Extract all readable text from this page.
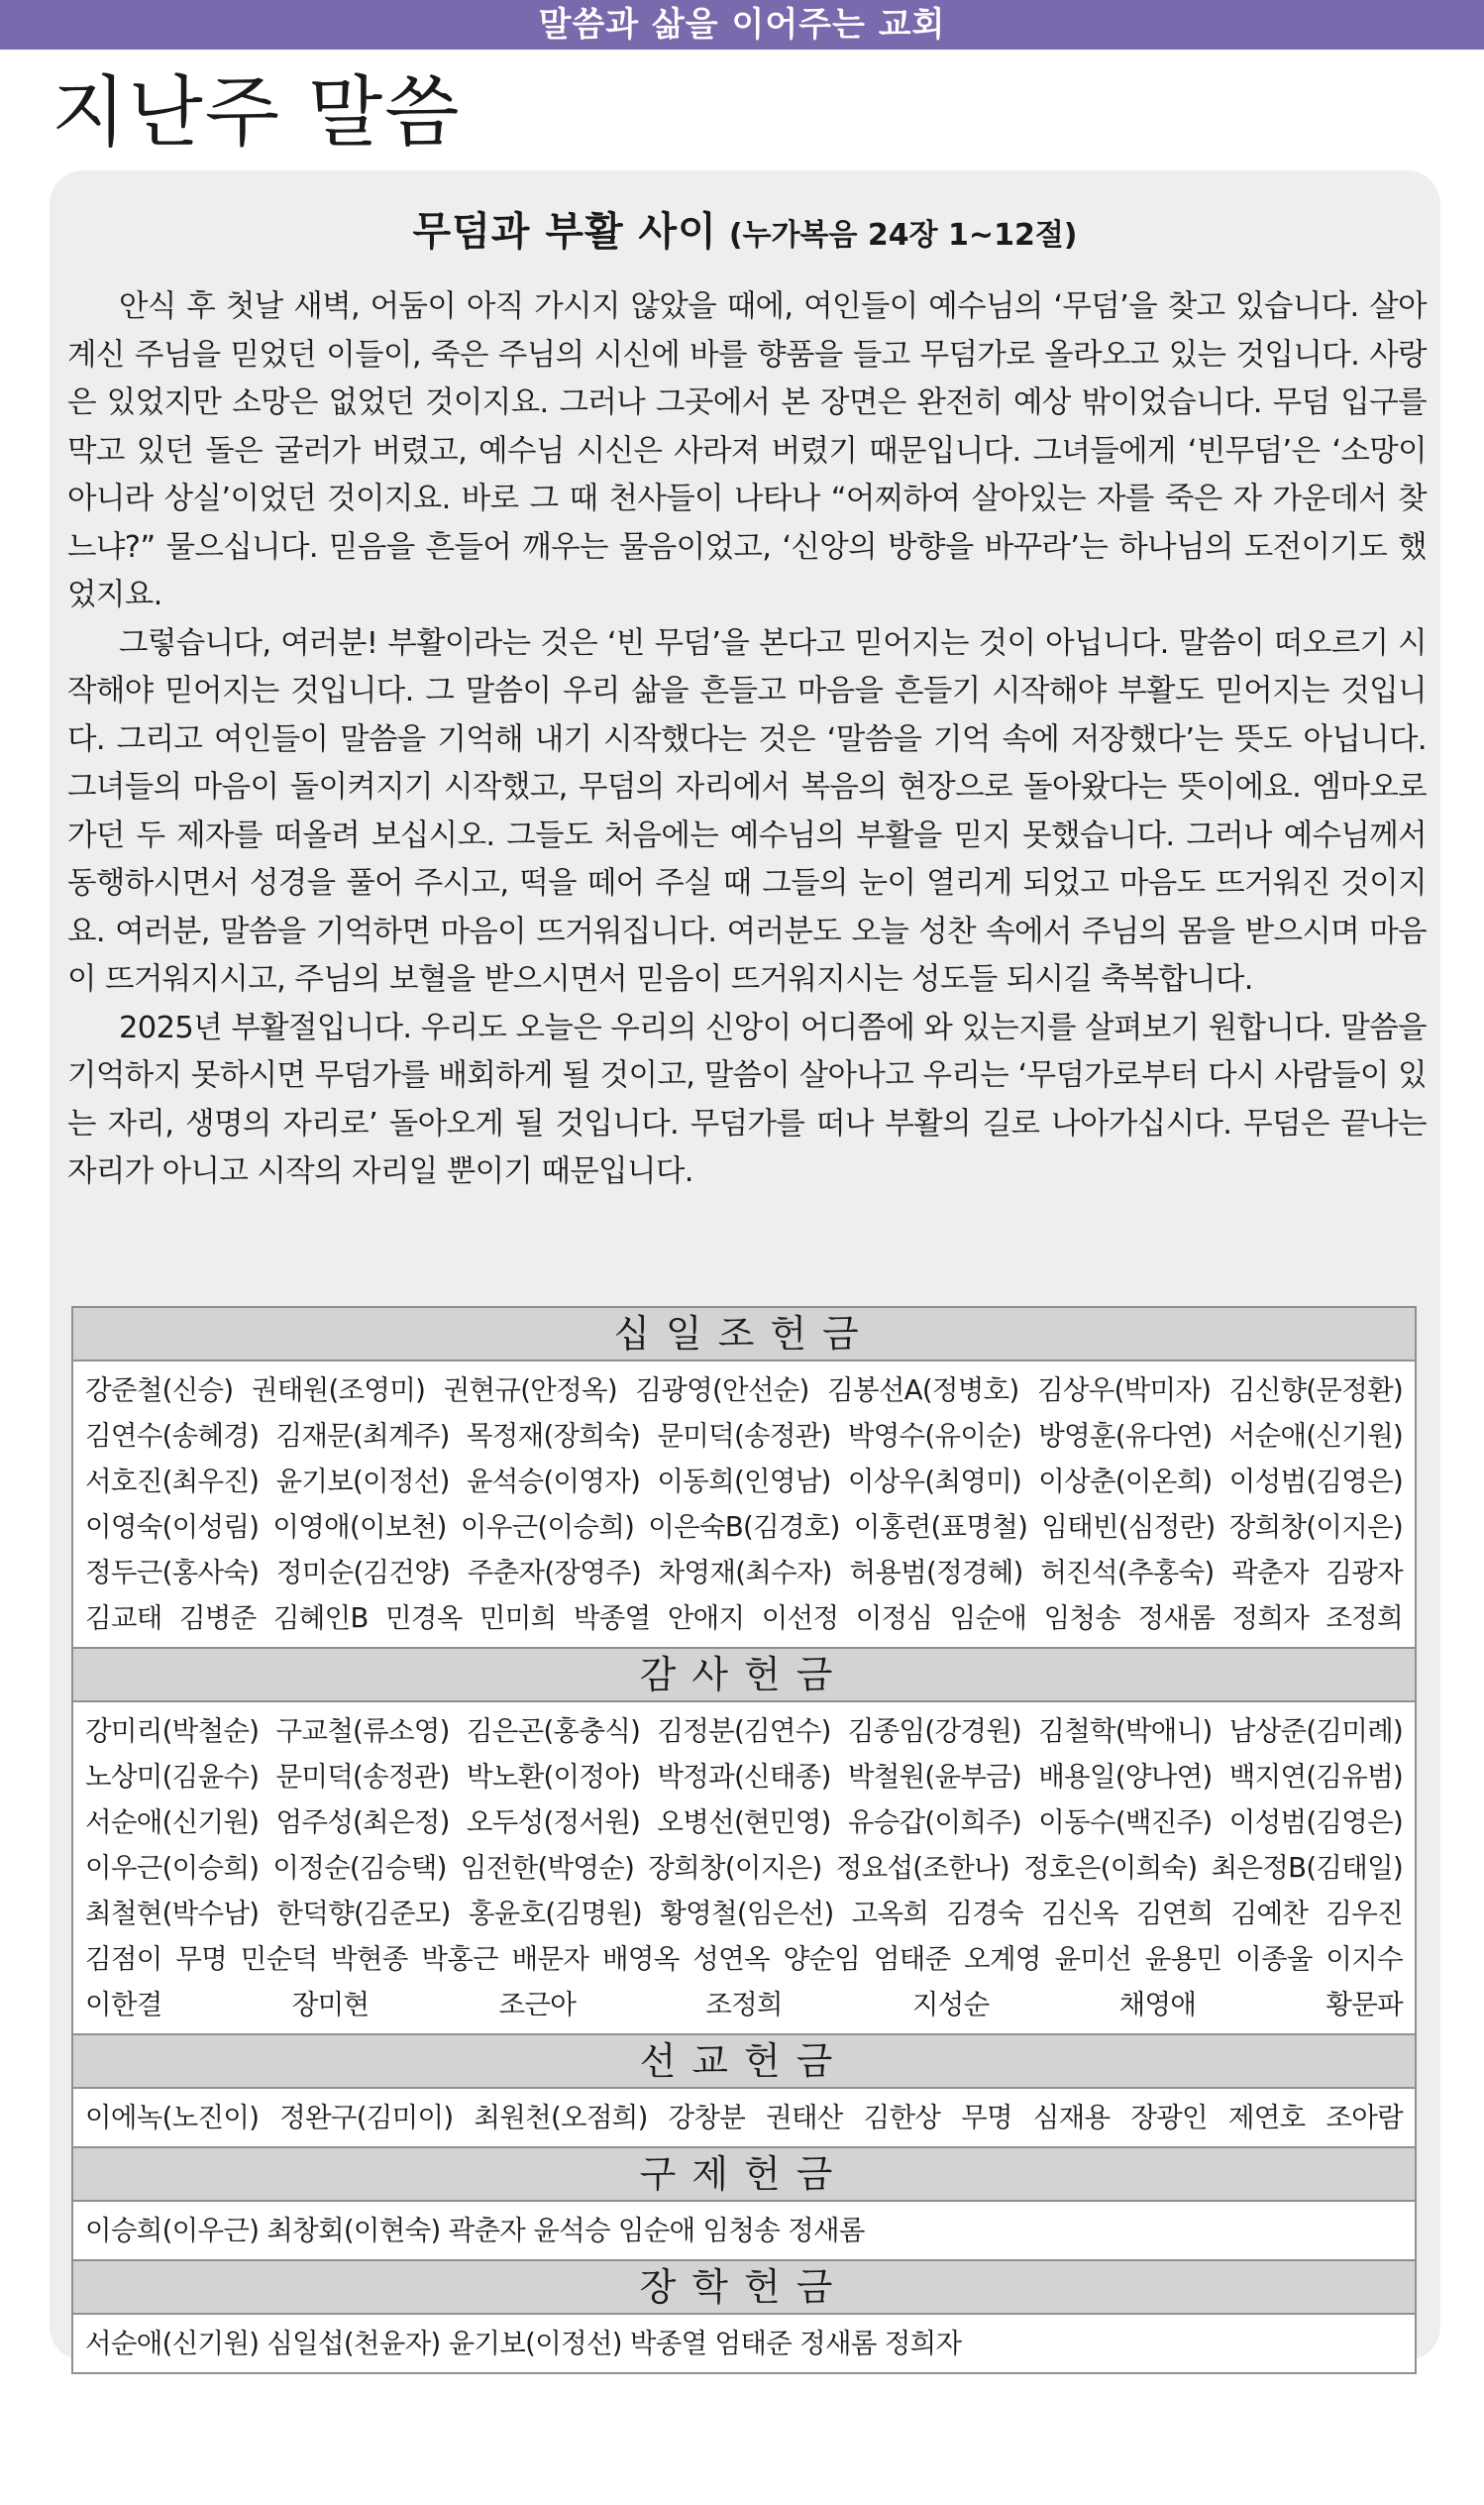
말씀과 삶을 이어주는 교회
지난주 말씀
무덤과 부활 사이 (누가복음 24장 1~12절)

안식 후 첫날 새벽, 어둠이 아직 가시지 않았을 때에, 여인들이 예수님의 ‘무덤’을 찾고 있습니다. 살아 계신 주님을 믿었던 이들이, 죽은 주님의 시신에 바를 향품을 들고 무덤가로 올라오고 있는 것입니다. 사랑은 있었지만 소망은 없었던 것이지요. 그러나 그곳에서 본 장면은 완전히 예상 밖이었습니다. 무덤 입구를 막고 있던 돌은 굴러가 버렸고, 예수님 시신은 사라져 버렸기 때문입니다. 그녀들에게 ‘빈무덤’은 ‘소망이 아니라 상실’이었던 것이지요. 바로 그 때 천사들이 나타나 “어찌하여 살아있는 자를 죽은 자 가운데서 찾느냐?” 물으십니다. 믿음을 흔들어 깨우는 물음이었고, ‘신앙의 방향을 바꾸라’는 하나님의 도전이기도 했었지요.

그렇습니다, 여러분! 부활이라는 것은 ‘빈 무덤’을 본다고 믿어지는 것이 아닙니다. 말씀이 떠오르기 시작해야 믿어지는 것입니다. 그 말씀이 우리 삶을 흔들고 마음을 흔들기 시작해야 부활도 믿어지는 것입니다. 그리고 여인들이 말씀을 기억해 내기 시작했다는 것은 ‘말씀을 기억 속에 저장했다’는 뜻도 아닙니다. 그녀들의 마음이 돌이켜지기 시작했고, 무덤의 자리에서 복음의 현장으로 돌아왔다는 뜻이에요. 엠마오로 가던 두 제자를 떠올려 보십시오. 그들도 처음에는 예수님의 부활을 믿지 못했습니다. 그러나 예수님께서 동행하시면서 성경을 풀어 주시고, 떡을 떼어 주실 때 그들의 눈이 열리게 되었고 마음도 뜨거워진 것이지요. 여러분, 말씀을 기억하면 마음이 뜨거워집니다. 여러분도 오늘 성찬 속에서 주님의 몸을 받으시며 마음이 뜨거워지시고, 주님의 보혈을 받으시면서 믿음이 뜨거워지시는 성도들 되시길 축복합니다.

2025년 부활절입니다. 우리도 오늘은 우리의 신앙이 어디쯤에 와 있는지를 살펴보기 원합니다. 말씀을 기억하지 못하시면 무덤가를 배회하게 될 것이고, 말씀이 살아나고 우리는 ‘무덤가로부터 다시 사람들이 있는 자리, 생명의 자리로’ 돌아오게 될 것입니다. 무덤가를 떠나 부활의 길로 나아가십시다. 무덤은 끝나는 자리가 아니고 시작의 자리일 뿐이기 때문입니다.

십일조헌금
강준철(신승) 권태원(조영미) 권현규(안정옥) 김광영(안선순) 김봉선A(정병호) 김상우(박미자) 김신향(문정환)
김연수(송혜경) 김재문(최계주) 목정재(장희숙) 문미덕(송정관) 박영수(유이순) 방영훈(유다연) 서순애(신기원)
서호진(최우진) 윤기보(이정선) 윤석승(이영자) 이동희(인영남) 이상우(최영미) 이상춘(이온희) 이성범(김영은)
이영숙(이성림) 이영애(이보천) 이우근(이승희) 이은숙B(김경호) 이홍련(표명철) 임태빈(심정란) 장희창(이지은)
정두근(홍사숙) 정미순(김건양) 주춘자(장영주) 차영재(최수자) 허용범(정경혜) 허진석(추홍숙) 곽춘자 김광자
김교태 김병준 김혜인B 민경옥 민미희 박종열 안애지 이선정 이정심 임순애 임청송 정새롬 정희자 조정희
감사헌금
강미리(박철순) 구교철(류소영) 김은곤(홍충식) 김정분(김연수) 김종임(강경원) 김철학(박애니) 남상준(김미례)
노상미(김윤수) 문미덕(송정관) 박노환(이정아) 박정과(신태종) 박철원(윤부금) 배용일(양나연) 백지연(김유범)
서순애(신기원) 엄주성(최은정) 오두성(정서원) 오병선(현민영) 유승갑(이희주) 이동수(백진주) 이성범(김영은)
이우근(이승희) 이정순(김승택) 임전한(박영순) 장희창(이지은) 정요섭(조한나) 정호은(이희숙) 최은정B(김태일)
최철현(박수남) 한덕향(김준모) 홍윤호(김명원) 황영철(임은선) 고옥희 김경숙 김신옥 김연희 김예찬 김우진
김점이 무명 민순덕 박현종 박홍근 배문자 배영옥 성연옥 양순임 엄태준 오계영 윤미선 윤용민 이종울 이지수
이한결 장미현 조근아 조정희 지성순 채영애 황문파
선교헌금
이에녹(노진이) 정완구(김미이) 최원천(오점희) 강창분 권태산 김한상 무명 심재용 장광인 제연호 조아람
구제헌금
이승희(이우근) 최창회(이현숙) 곽춘자 윤석승 임순애 임청송 정새롬
장학헌금
서순애(신기원) 심일섭(천윤자) 윤기보(이정선) 박종열 엄태준 정새롬 정희자
